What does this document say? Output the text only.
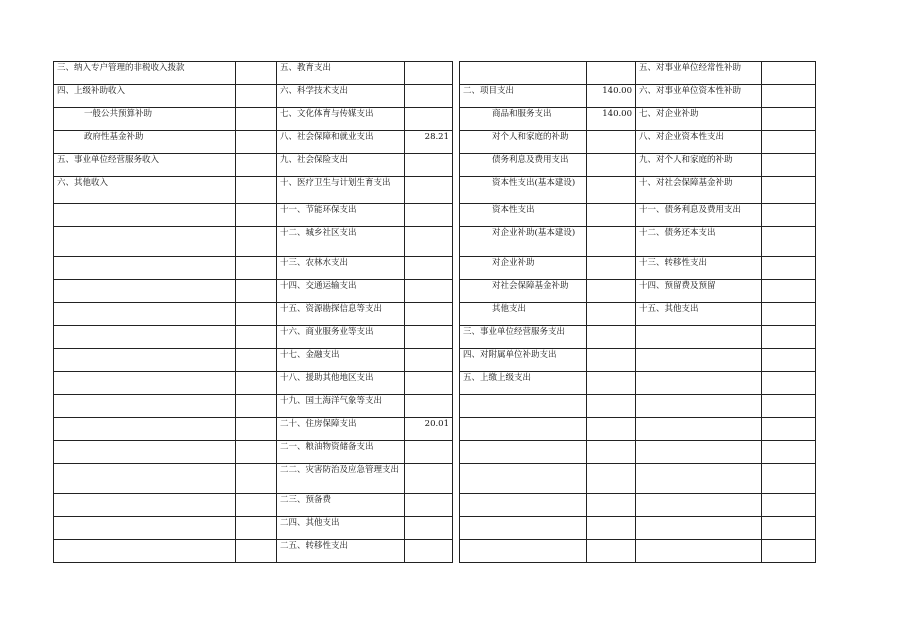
三、纳入专户管理的非税收入拨款		五、教育支出					五、对事业单位经常性补助	
四、上级补助收入		六、科学技术支出			二、项目支出	140.00	六、对事业单位资本性补助	
一般公共预算补助		七、文化体育与传媒支出			商品和服务支出	140.00	七、对企业补助	
政府性基金补助		八、社会保障和就业支出	28.21		对个人和家庭的补助		八、对企业资本性支出	
五、事业单位经营服务收入		九、社会保险支出			债务利息及费用支出		九、对个人和家庭的补助	
六、其他收入		十、医疗卫生与计划生育支出			资本性支出(基本建设)		十、对社会保障基金补助	
		十一、节能环保支出			资本性支出		十一、债务利息及费用支出	
		十二、城乡社区支出			对企业补助(基本建设)		十二、债务还本支出	
		十三、农林水支出			对企业补助		十三、转移性支出	
		十四、交通运输支出			对社会保障基金补助		十四、预留费及预留	
		十五、资源勘探信息等支出			其他支出		十五、其他支出	
		十六、商业服务业等支出			三、事业单位经营服务支出			
		十七、金融支出			四、对附属单位补助支出			
		十八、援助其他地区支出			五、上缴上级支出			
		十九、国土海洋气象等支出						
		二十、住房保障支出	20.01					
		二一、粮油物资储备支出						
		二二、灾害防治及应急管理支出						
		二三、预备费						
		二四、其他支出						
		二五、转移性支出						
